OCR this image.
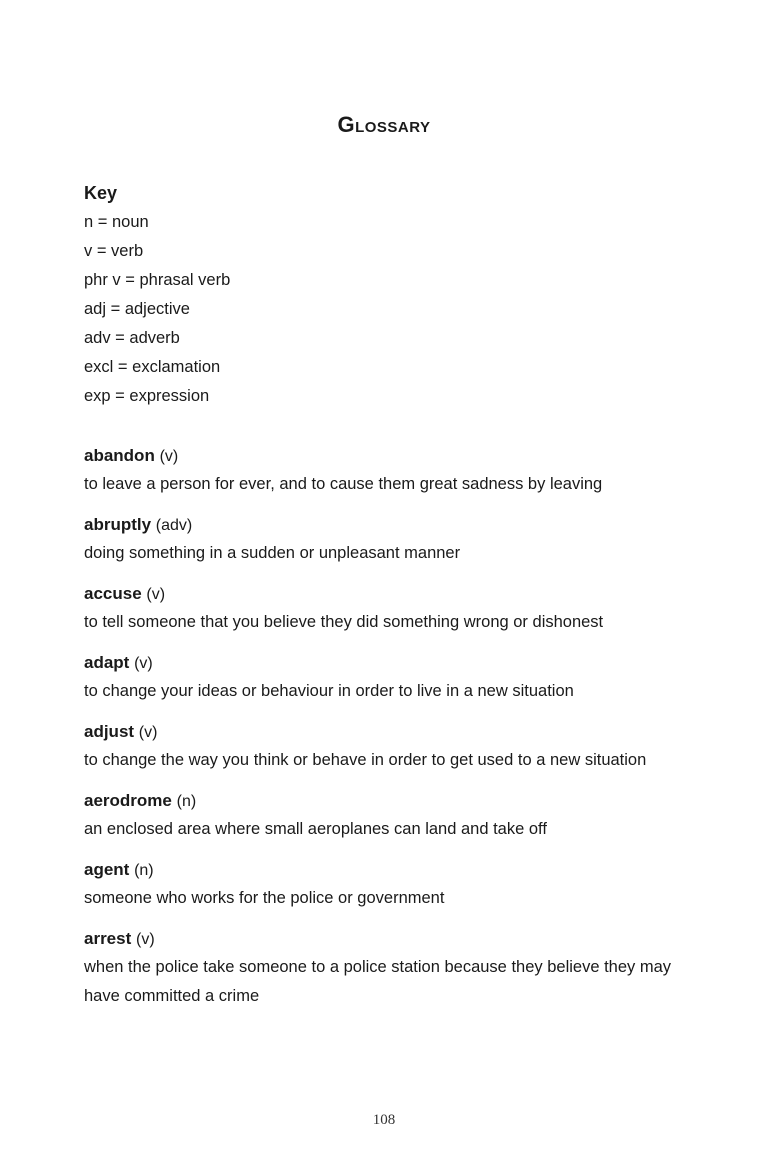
Glossary
Key
n = noun
v = verb
phr v = phrasal verb
adj = adjective
adv = adverb
excl = exclamation
exp = expression
abandon (v)

to leave a person for ever, and to cause them great sadness by leaving

abruptly (adv)

doing something in a sudden or unpleasant manner

accuse (v)

to tell someone that you believe they did something wrong or dishonest

adapt (v)

to change your ideas or behaviour in order to live in a new situation

adjust (v)

to change the way you think or behave in order to get used to a new situation

aerodrome (n)

an enclosed area where small aeroplanes can land and take off

agent (n)

someone who works for the police or government

arrest (v)

when the police take someone to a police station because they believe they may have committed a crime

108
